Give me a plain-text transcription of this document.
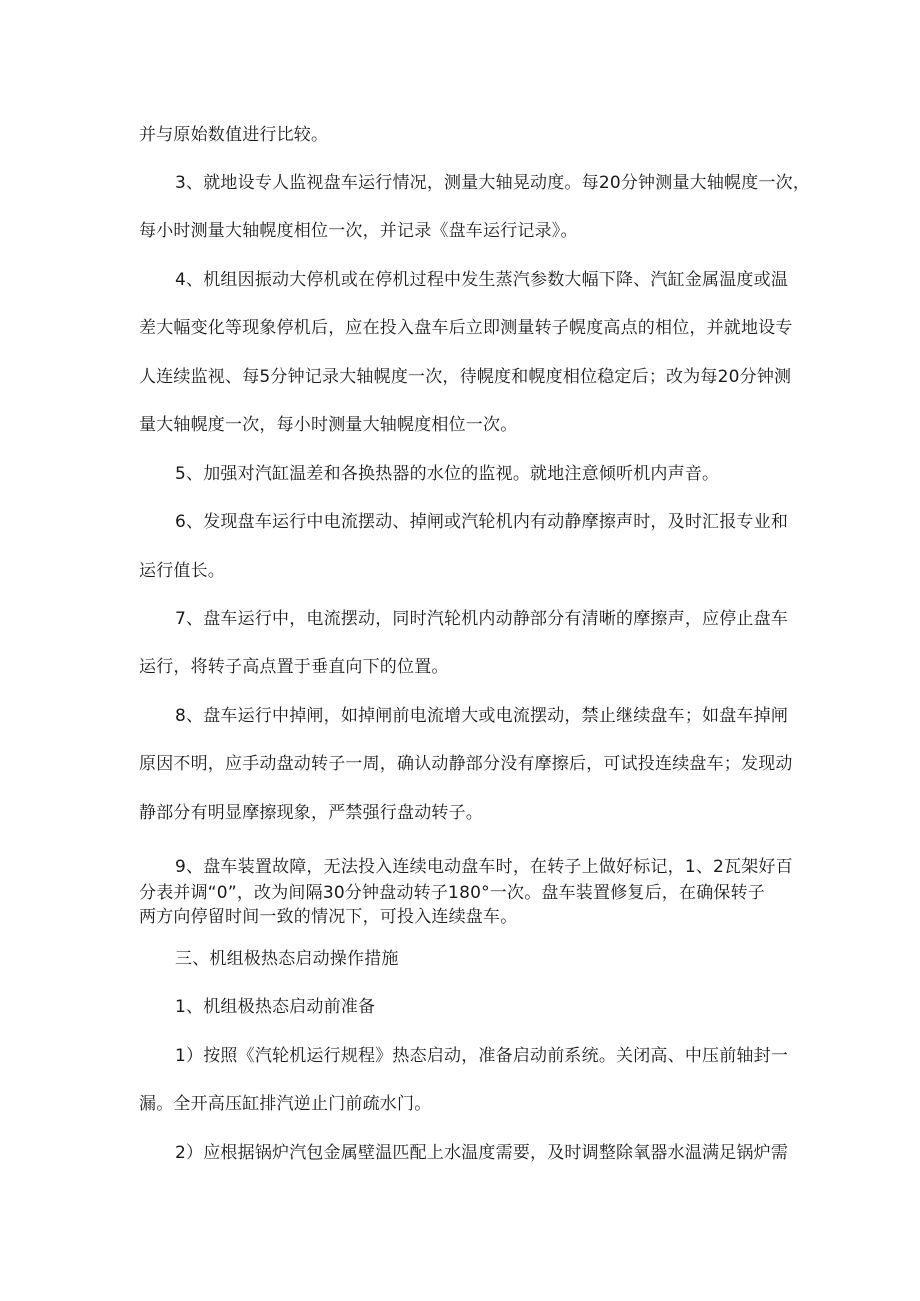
并与原始数值进行比较。
3、就地设专人监视盘车运行情况，测量大轴晃动度。每20分钟测量大轴幌度一次，
每小时测量大轴幌度相位一次，并记录《盘车运行记录》。
4、机组因振动大停机或在停机过程中发生蒸汽参数大幅下降、汽缸金属温度或温
差大幅变化等现象停机后，应在投入盘车后立即测量转子幌度高点的相位，并就地设专
人连续监视、每5分钟记录大轴幌度一次，待幌度和幌度相位稳定后；改为每20分钟测
量大轴幌度一次，每小时测量大轴幌度相位一次。
5、加强对汽缸温差和各换热器的水位的监视。就地注意倾听机内声音。
6、发现盘车运行中电流摆动、掉闸或汽轮机内有动静摩擦声时，及时汇报专业和
运行值长。
7、盘车运行中，电流摆动，同时汽轮机内动静部分有清晰的摩擦声，应停止盘车
运行，将转子高点置于垂直向下的位置。
8、盘车运行中掉闸，如掉闸前电流增大或电流摆动，禁止继续盘车；如盘车掉闸
原因不明，应手动盘动转子一周，确认动静部分没有摩擦后，可试投连续盘车；发现动
静部分有明显摩擦现象，严禁强行盘动转子。
9、盘车装置故障，无法投入连续电动盘车时，在转子上做好标记，1、2瓦架好百
分表并调“0”，改为间隔30分钟盘动转子180°一次。盘车装置修复后，在确保转子
两方向停留时间一致的情况下，可投入连续盘车。
三、机组极热态启动操作措施
1、机组极热态启动前准备
1）按照《汽轮机运行规程》热态启动，准备启动前系统。关闭高、中压前轴封一
漏。全开高压缸排汽逆止门前疏水门。
2）应根据锅炉汽包金属壁温匹配上水温度需要，及时调整除氧器水温满足锅炉需
